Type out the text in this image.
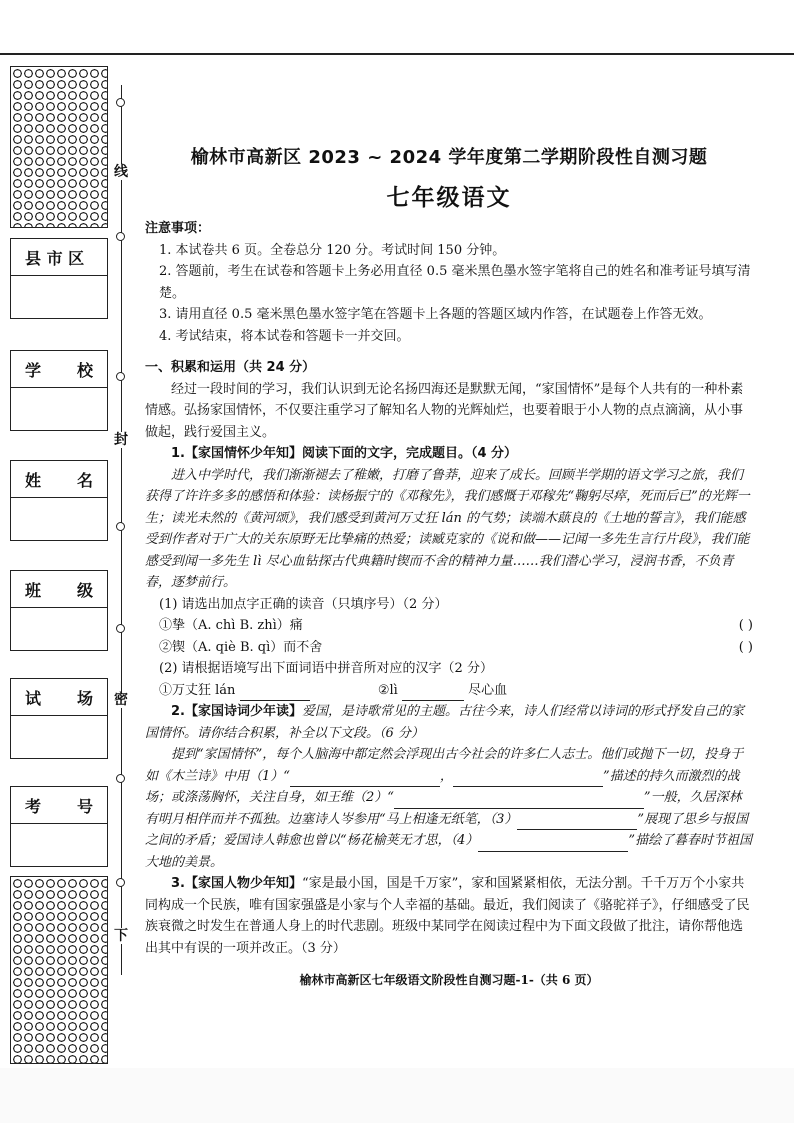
县 市 区
学 校
姓 名
班 级
试 场
考 号
线
封
密
下
榆林市高新区 2023 ~ 2024 学年度第二学期阶段性自测习题
七年级语文

注意事项：

1. 本试卷共 6 页。全卷总分 120 分。考试时间 150 分钟。

2. 答题前，考生在试卷和答题卡上务必用直径 0.5 毫米黑色墨水签字笔将自己的姓名和准考证号填写清楚。

3. 请用直径 0.5 毫米黑色墨水签字笔在答题卡上各题的答题区域内作答，在试题卷上作答无效。

4. 考试结束，将本试卷和答题卡一并交回。

一、积累和运用（共 24 分）

经过一段时间的学习，我们认识到无论名扬四海还是默默无闻，“家国情怀”是每个人共有的一种朴素情感。弘扬家国情怀，不仅要注重学习了解知名人物的光辉灿烂，也要着眼于小人物的点点滴滴，从小事做起，践行爱国主义。

1.【家国情怀少年知】阅读下面的文字，完成题目。（4 分）

进入中学时代，我们渐渐褪去了稚嫩，打磨了鲁莽，迎来了成长。回顾半学期的语文学习之旅，我们获得了许许多多的感悟和体验：读杨振宁的《邓稼先》，我们感慨于邓稼先“鞠躬尽瘁，死而后已”的光辉一生；读光未然的《黄河颂》，我们感受到黄河万丈狂 lán 的气势；读端木蕻良的《土地的誓言》，我们能感受到作者对于广大的关东原野无比挚痛的热爱；读臧克家的《说和做——记闻一多先生言行片段》，我们能感受到闻一多先生 lì 尽心血钻探古代典籍时锲而不舍的精神力量……我们潜心学习，浸润书香，不负青春，逐梦前行。

(1) 请选出加点字正确的读音（只填序号）（2 分）

①挚（A. chì B. zhì）痛	( )
②锲（A. qiè B. qì）而不舍	( )

(2) 请根据语境写出下面词语中拼音所对应的汉字（2 分）

①万丈狂 lán	②lì	尽心血

2.【家国诗词少年读】爱国，是诗歌常见的主题。古往今来，诗人们经常以诗词的形式抒发自己的家国情怀。请你结合积累，补全以下文段。（6 分）

提到“家国情怀”，每个人脑海中都定然会浮现出古今社会的许多仁人志士。他们或抛下一切，投身于如《木兰诗》中用（1）“	，	”描述的持久而激烈的战场；或涤荡胸怀，关注自身，如王维（2）“	”一般，久居深林有明月相伴而并不孤独。边塞诗人岑参用“马上相逢无纸笔，（3）	”展现了思乡与报国之间的矛盾；爱国诗人韩愈也曾以“杨花榆荚无才思，（4）	”描绘了暮春时节祖国大地的美景。

3.【家国人物少年知】“家是最小国，国是千万家”，家和国紧紧相依，无法分割。千千万万个小家共同构成一个民族，唯有国家强盛是小家与个人幸福的基础。最近，我们阅读了《骆驼祥子》，仔细感受了民族衰微之时发生在普通人身上的时代悲剧。班级中某同学在阅读过程中为下面文段做了批注，请你帮他选出其中有误的一项并改正。（3 分）

榆林市高新区七年级语文阶段性自测习题-1-（共 6 页）
